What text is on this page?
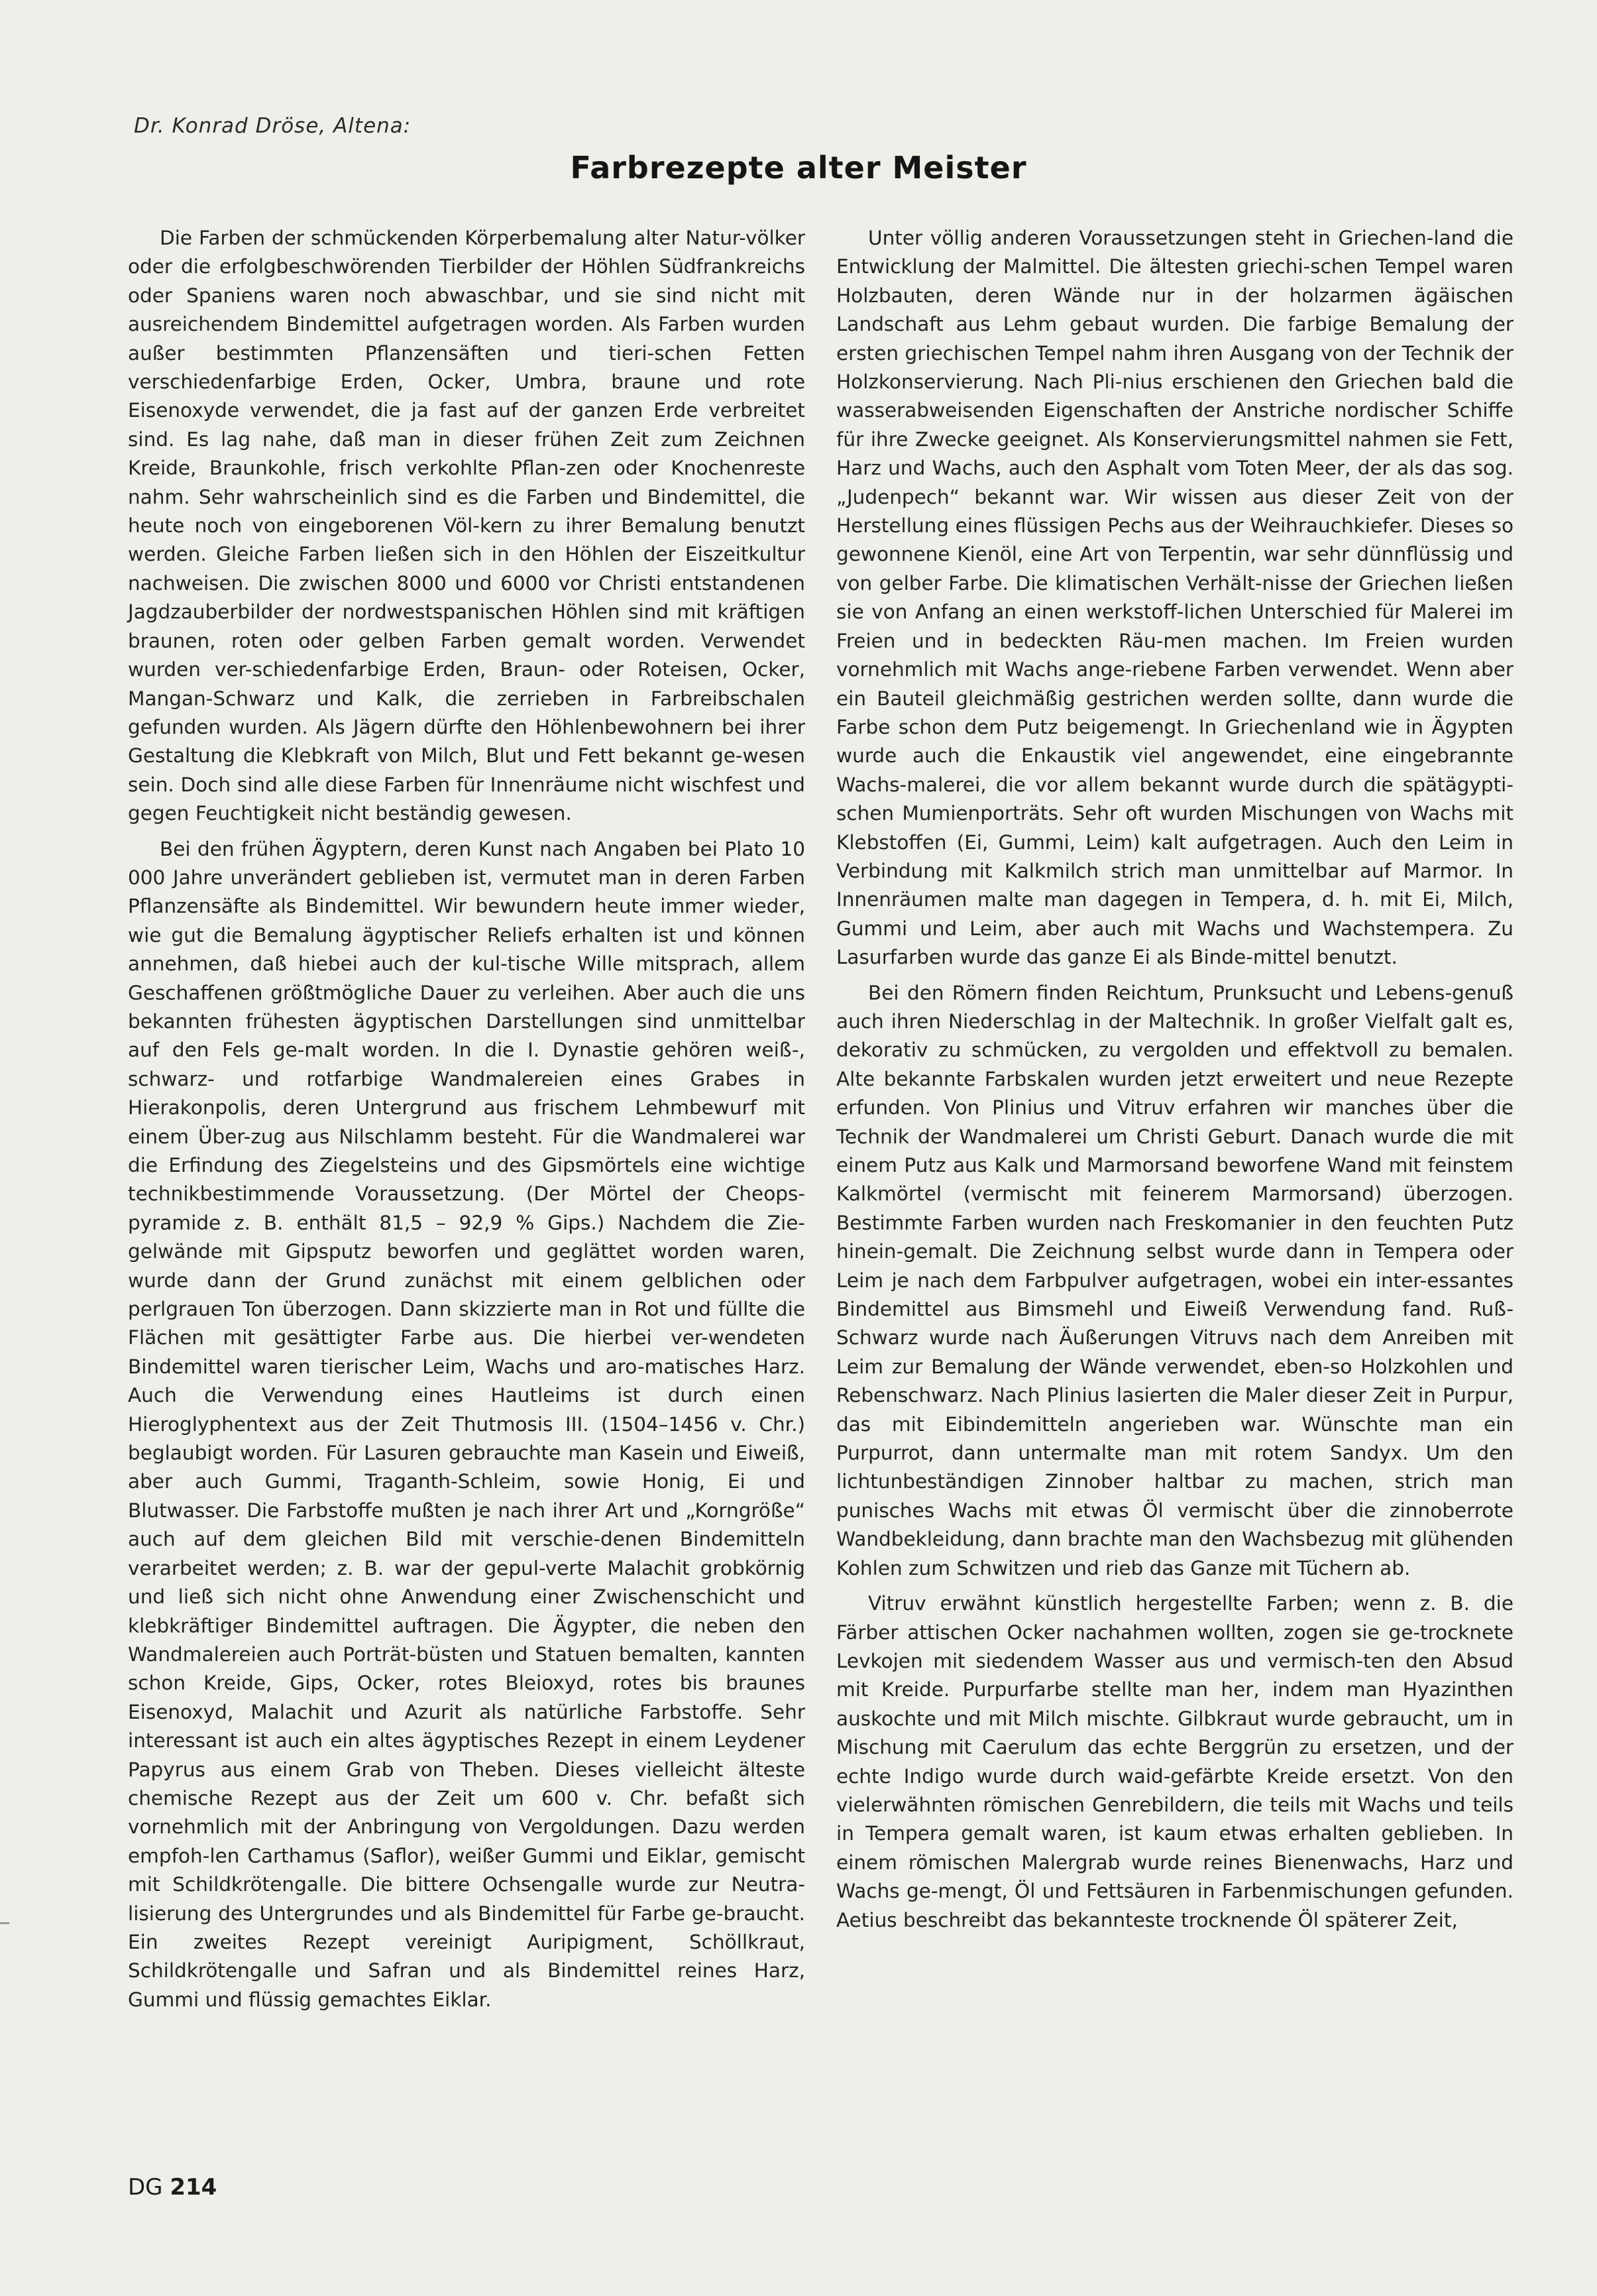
Dr. Konrad Dröse, Altena:

Farbrezepte alter Meister

Die Farben der schmückenden Körperbemalung alter Natur-völker oder die erfolgbeschwörenden Tierbilder der Höhlen Südfrankreichs oder Spaniens waren noch abwaschbar, und sie sind nicht mit ausreichendem Bindemittel aufgetragen worden. Als Farben wurden außer bestimmten Pflanzensäften und tieri-schen Fetten verschiedenfarbige Erden, Ocker, Umbra, braune und rote Eisenoxyde verwendet, die ja fast auf der ganzen Erde verbreitet sind. Es lag nahe, daß man in dieser frühen Zeit zum Zeichnen Kreide, Braunkohle, frisch verkohlte Pflan-zen oder Knochenreste nahm. Sehr wahrscheinlich sind es die Farben und Bindemittel, die heute noch von eingeborenen Völ-kern zu ihrer Bemalung benutzt werden. Gleiche Farben ließen sich in den Höhlen der Eiszeitkultur nachweisen. Die zwischen 8000 und 6000 vor Christi entstandenen Jagdzauberbilder der nordwestspanischen Höhlen sind mit kräftigen braunen, roten oder gelben Farben gemalt worden. Verwendet wurden ver-schiedenfarbige Erden, Braun- oder Roteisen, Ocker, Mangan-Schwarz und Kalk, die zerrieben in Farbreibschalen gefunden wurden. Als Jägern dürfte den Höhlenbewohnern bei ihrer Gestaltung die Klebkraft von Milch, Blut und Fett bekannt ge-wesen sein. Doch sind alle diese Farben für Innenräume nicht wischfest und gegen Feuchtigkeit nicht beständig gewesen.

Bei den frühen Ägyptern, deren Kunst nach Angaben bei Plato 10 000 Jahre unverändert geblieben ist, vermutet man in deren Farben Pflanzensäfte als Bindemittel. Wir bewundern heute immer wieder, wie gut die Bemalung ägyptischer Reliefs erhalten ist und können annehmen, daß hiebei auch der kul-tische Wille mitsprach, allem Geschaffenen größtmögliche Dauer zu verleihen. Aber auch die uns bekannten frühesten ägyptischen Darstellungen sind unmittelbar auf den Fels ge-malt worden. In die I. Dynastie gehören weiß-, schwarz- und rotfarbige Wandmalereien eines Grabes in Hierakonpolis, deren Untergrund aus frischem Lehmbewurf mit einem Über-zug aus Nilschlamm besteht. Für die Wandmalerei war die Erfindung des Ziegelsteins und des Gipsmörtels eine wichtige technikbestimmende Voraussetzung. (Der Mörtel der Cheops-pyramide z. B. enthält 81,5 – 92,9 % Gips.) Nachdem die Zie-gelwände mit Gipsputz beworfen und geglättet worden waren, wurde dann der Grund zunächst mit einem gelblichen oder perlgrauen Ton überzogen. Dann skizzierte man in Rot und füllte die Flächen mit gesättigter Farbe aus. Die hierbei ver-wendeten Bindemittel waren tierischer Leim, Wachs und aro-matisches Harz. Auch die Verwendung eines Hautleims ist durch einen Hieroglyphentext aus der Zeit Thutmosis III. (1504–1456 v. Chr.) beglaubigt worden. Für Lasuren gebrauchte man Kasein und Eiweiß, aber auch Gummi, Traganth-Schleim, sowie Honig, Ei und Blutwasser. Die Farbstoffe mußten je nach ihrer Art und „Korngröße“ auch auf dem gleichen Bild mit verschie-denen Bindemitteln verarbeitet werden; z. B. war der gepul-verte Malachit grobkörnig und ließ sich nicht ohne Anwendung einer Zwischenschicht und klebkräftiger Bindemittel auftragen. Die Ägypter, die neben den Wandmalereien auch Porträt-büsten und Statuen bemalten, kannten schon Kreide, Gips, Ocker, rotes Bleioxyd, rotes bis braunes Eisenoxyd, Malachit und Azurit als natürliche Farbstoffe. Sehr interessant ist auch ein altes ägyptisches Rezept in einem Leydener Papyrus aus einem Grab von Theben. Dieses vielleicht älteste chemische Rezept aus der Zeit um 600 v. Chr. befaßt sich vornehmlich mit der Anbringung von Vergoldungen. Dazu werden empfoh-len Carthamus (Saflor), weißer Gummi und Eiklar, gemischt mit Schildkrötengalle. Die bittere Ochsengalle wurde zur Neutra-lisierung des Untergrundes und als Bindemittel für Farbe ge-braucht. Ein zweites Rezept vereinigt Auripigment, Schöllkraut, Schildkrötengalle und Safran und als Bindemittel reines Harz, Gummi und flüssig gemachtes Eiklar.

Unter völlig anderen Voraussetzungen steht in Griechen-land die Entwicklung der Malmittel. Die ältesten griechi-schen Tempel waren Holzbauten, deren Wände nur in der holzarmen ägäischen Landschaft aus Lehm gebaut wurden. Die farbige Bemalung der ersten griechischen Tempel nahm ihren Ausgang von der Technik der Holzkonservierung. Nach Pli-nius erschienen den Griechen bald die wasserabweisenden Eigenschaften der Anstriche nordischer Schiffe für ihre Zwecke geeignet. Als Konservierungsmittel nahmen sie Fett, Harz und Wachs, auch den Asphalt vom Toten Meer, der als das sog. „Judenpech“ bekannt war. Wir wissen aus dieser Zeit von der Herstellung eines flüssigen Pechs aus der Weihrauchkiefer. Dieses so gewonnene Kienöl, eine Art von Terpentin, war sehr dünnflüssig und von gelber Farbe. Die klimatischen Verhält-nisse der Griechen ließen sie von Anfang an einen werkstoff-lichen Unterschied für Malerei im Freien und in bedeckten Räu-men machen. Im Freien wurden vornehmlich mit Wachs ange-riebene Farben verwendet. Wenn aber ein Bauteil gleichmäßig gestrichen werden sollte, dann wurde die Farbe schon dem Putz beigemengt. In Griechenland wie in Ägypten wurde auch die Enkaustik viel angewendet, eine eingebrannte Wachs-malerei, die vor allem bekannt wurde durch die spätägypti-schen Mumienporträts. Sehr oft wurden Mischungen von Wachs mit Klebstoffen (Ei, Gummi, Leim) kalt aufgetragen. Auch den Leim in Verbindung mit Kalkmilch strich man unmittelbar auf Marmor. In Innenräumen malte man dagegen in Tempera, d. h. mit Ei, Milch, Gummi und Leim, aber auch mit Wachs und Wachstempera. Zu Lasurfarben wurde das ganze Ei als Binde-mittel benutzt.

Bei den Römern finden Reichtum, Prunksucht und Lebens-genuß auch ihren Niederschlag in der Maltechnik. In großer Vielfalt galt es, dekorativ zu schmücken, zu vergolden und effektvoll zu bemalen. Alte bekannte Farbskalen wurden jetzt erweitert und neue Rezepte erfunden. Von Plinius und Vitruv erfahren wir manches über die Technik der Wandmalerei um Christi Geburt. Danach wurde die mit einem Putz aus Kalk und Marmorsand beworfene Wand mit feinstem Kalkmörtel (vermischt mit feinerem Marmorsand) überzogen. Bestimmte Farben wurden nach Freskomanier in den feuchten Putz hinein-gemalt. Die Zeichnung selbst wurde dann in Tempera oder Leim je nach dem Farbpulver aufgetragen, wobei ein inter-essantes Bindemittel aus Bimsmehl und Eiweiß Verwendung fand. Ruß-Schwarz wurde nach Äußerungen Vitruvs nach dem Anreiben mit Leim zur Bemalung der Wände verwendet, eben-so Holzkohlen und Rebenschwarz. Nach Plinius lasierten die Maler dieser Zeit in Purpur, das mit Eibindemitteln angerieben war. Wünschte man ein Purpurrot, dann untermalte man mit rotem Sandyx. Um den lichtunbeständigen Zinnober haltbar zu machen, strich man punisches Wachs mit etwas Öl vermischt über die zinnoberrote Wandbekleidung, dann brachte man den Wachsbezug mit glühenden Kohlen zum Schwitzen und rieb das Ganze mit Tüchern ab.

Vitruv erwähnt künstlich hergestellte Farben; wenn z. B. die Färber attischen Ocker nachahmen wollten, zogen sie ge-trocknete Levkojen mit siedendem Wasser aus und vermisch-ten den Absud mit Kreide. Purpurfarbe stellte man her, indem man Hyazinthen auskochte und mit Milch mischte. Gilbkraut wurde gebraucht, um in Mischung mit Caerulum das echte Berggrün zu ersetzen, und der echte Indigo wurde durch waid-gefärbte Kreide ersetzt. Von den vielerwähnten römischen Genrebildern, die teils mit Wachs und teils in Tempera gemalt waren, ist kaum etwas erhalten geblieben. In einem römischen Malergrab wurde reines Bienenwachs, Harz und Wachs ge-mengt, Öl und Fettsäuren in Farbenmischungen gefunden. Aetius beschreibt das bekannteste trocknende Öl späterer Zeit,

DG 214
